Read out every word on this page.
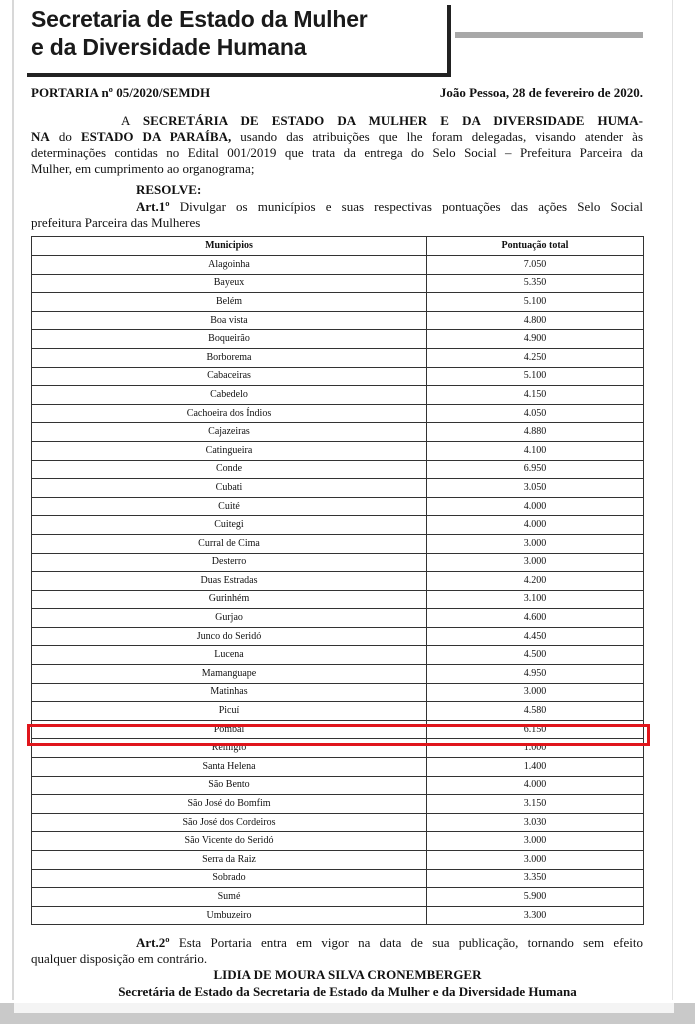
Secretaria de Estado da Mulher
e da Diversidade Humana
PORTARIA nº 05/2020/SEMDH	João Pessoa, 28 de fevereiro de 2020.
A SECRETÁRIA DE ESTADO DA MULHER E DA DIVERSIDADE HUMA-
NA do ESTADO DA PARAÍBA, usando das atribuições que lhe foram delegadas, visando atender às
determinações contidas no Edital 001/2019 que trata da entrega do Selo Social – Prefeitura Parceira da
Mulher, em cumprimento ao organograma;
RESOLVE:
Art.1º Divulgar os municípios e suas respectivas pontuações das ações Selo Social
prefeitura Parceira das Mulheres
Municipios	Pontuação total
Alagoinha	7.050
Bayeux	5.350
Belém	5.100
Boa vista	4.800
Boqueirão	4.900
Borborema	4.250
Cabaceiras	5.100
Cabedelo	4.150
Cachoeira dos Índios	4.050
Cajazeiras	4.880
Catingueira	4.100
Conde	6.950
Cubati	3.050
Cuité	4.000
Cuitegi	4.000
Curral de Cima	3.000
Desterro	3.000
Duas Estradas	4.200
Gurinhém	3.100
Gurjao	4.600
Junco do Seridó	4.450
Lucena	4.500
Mamanguape	4.950
Matinhas	3.000
Picuí	4.580
Pombal	6.150
Remigio	1.000
Santa Helena	1.400
São Bento	4.000
São José do Bomfim	3.150
São José dos Cordeiros	3.030
São Vicente do Seridó	3.000
Serra da Raiz	3.000
Sobrado	3.350
Sumé	5.900
Umbuzeiro	3.300
Art.2º Esta Portaria entra em vigor na data de sua publicação, tornando sem efeito
qualquer disposição em contrário.
LIDIA DE MOURA SILVA CRONEMBERGER
Secretária de Estado da Secretaria de Estado da Mulher e da Diversidade Humana
